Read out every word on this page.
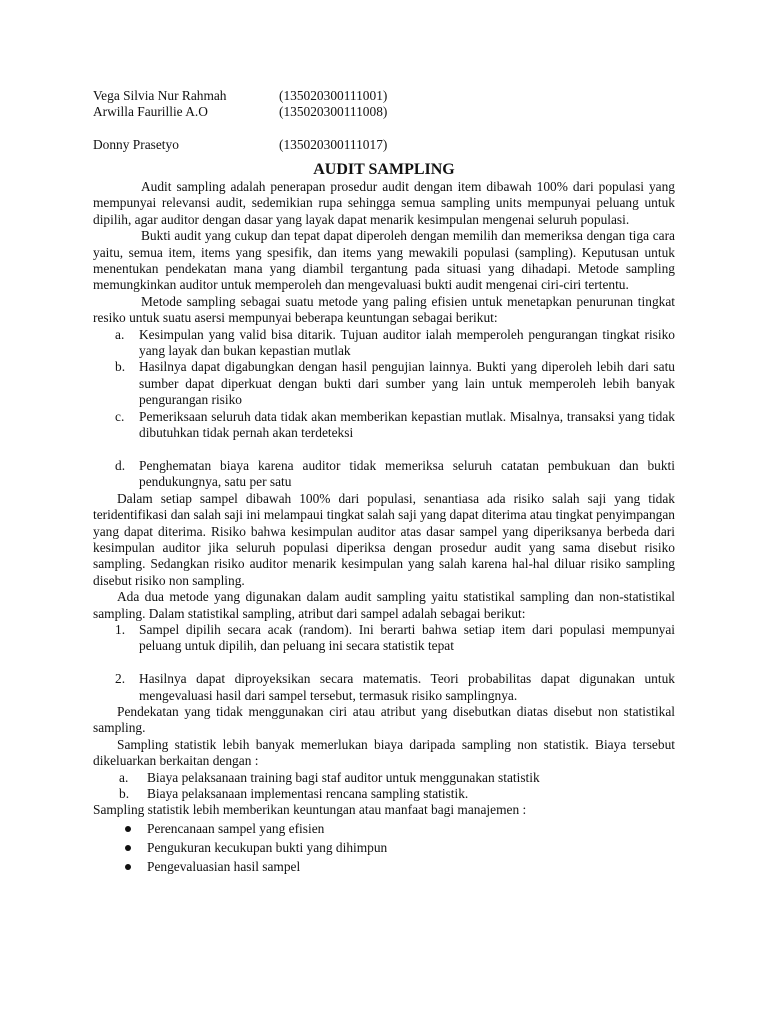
Vega Silvia Nur Rahmah	(135020300111001)
Arwilla Faurillie A.O	(135020300111008)
Donny Prasetyo	(135020300111017)
AUDIT SAMPLING

Audit sampling adalah penerapan prosedur audit dengan item dibawah 100% dari populasi yang mempunyai relevansi audit, sedemikian rupa sehingga semua sampling units mempunyai peluang untuk dipilih, agar auditor dengan dasar yang layak dapat menarik kesimpulan mengenai seluruh populasi.

Bukti audit yang cukup dan tepat dapat diperoleh dengan memilih dan memeriksa dengan tiga cara yaitu, semua item, items yang spesifik, dan items yang mewakili populasi (sampling). Keputusan untuk menentukan pendekatan mana yang diambil tergantung pada situasi yang dihadapi. Metode sampling memungkinkan auditor untuk memperoleh dan mengevaluasi bukti audit mengenai ciri-ciri tertentu.

Metode sampling sebagai suatu metode yang paling efisien untuk menetapkan penurunan tingkat resiko untuk suatu asersi mempunyai beberapa keuntungan sebagai berikut:

a. Kesimpulan yang valid bisa ditarik. Tujuan auditor ialah memperoleh pengurangan tingkat risiko yang layak dan bukan kepastian mutlak
b. Hasilnya dapat digabungkan dengan hasil pengujian lainnya. Bukti yang diperoleh lebih dari satu sumber dapat diperkuat dengan bukti dari sumber yang lain untuk memperoleh lebih banyak pengurangan risiko
c. Pemeriksaan seluruh data tidak akan memberikan kepastian mutlak. Misalnya, transaksi yang tidak dibutuhkan tidak pernah akan terdeteksi
d. Penghematan biaya karena auditor tidak memeriksa seluruh catatan pembukuan dan bukti pendukungnya, satu per satu

Dalam setiap sampel dibawah 100% dari populasi, senantiasa ada risiko salah saji yang tidak teridentifikasi dan salah saji ini melampaui tingkat salah saji yang dapat diterima atau tingkat penyimpangan yang dapat diterima. Risiko bahwa kesimpulan auditor atas dasar sampel yang diperiksanya berbeda dari kesimpulan auditor jika seluruh populasi diperiksa dengan prosedur audit yang sama disebut risiko sampling. Sedangkan risiko auditor menarik kesimpulan yang salah karena hal-hal diluar risiko sampling disebut risiko non sampling.

Ada dua metode yang digunakan dalam audit sampling yaitu statistikal sampling dan non-statistikal sampling. Dalam statistikal sampling, atribut dari sampel adalah sebagai berikut:

1. Sampel dipilih secara acak (random). Ini berarti bahwa setiap item dari populasi mempunyai peluang untuk dipilih, dan peluang ini secara statistik tepat
2. Hasilnya dapat diproyeksikan secara matematis. Teori probabilitas dapat digunakan untuk mengevaluasi hasil dari sampel tersebut, termasuk risiko samplingnya.

Pendekatan yang tidak menggunakan ciri atau atribut yang disebutkan diatas disebut non statistikal sampling.

Sampling statistik lebih banyak memerlukan biaya daripada sampling non statistik. Biaya tersebut dikeluarkan berkaitan dengan :

a. Biaya pelaksanaan training bagi staf auditor untuk menggunakan statistik
b. Biaya pelaksanaan implementasi rencana sampling statistik.

Sampling statistik lebih memberikan keuntungan atau manfaat bagi manajemen :

Perencanaan sampel yang efisien
Pengukuran kecukupan bukti yang dihimpun
Pengevaluasian hasil sampel
